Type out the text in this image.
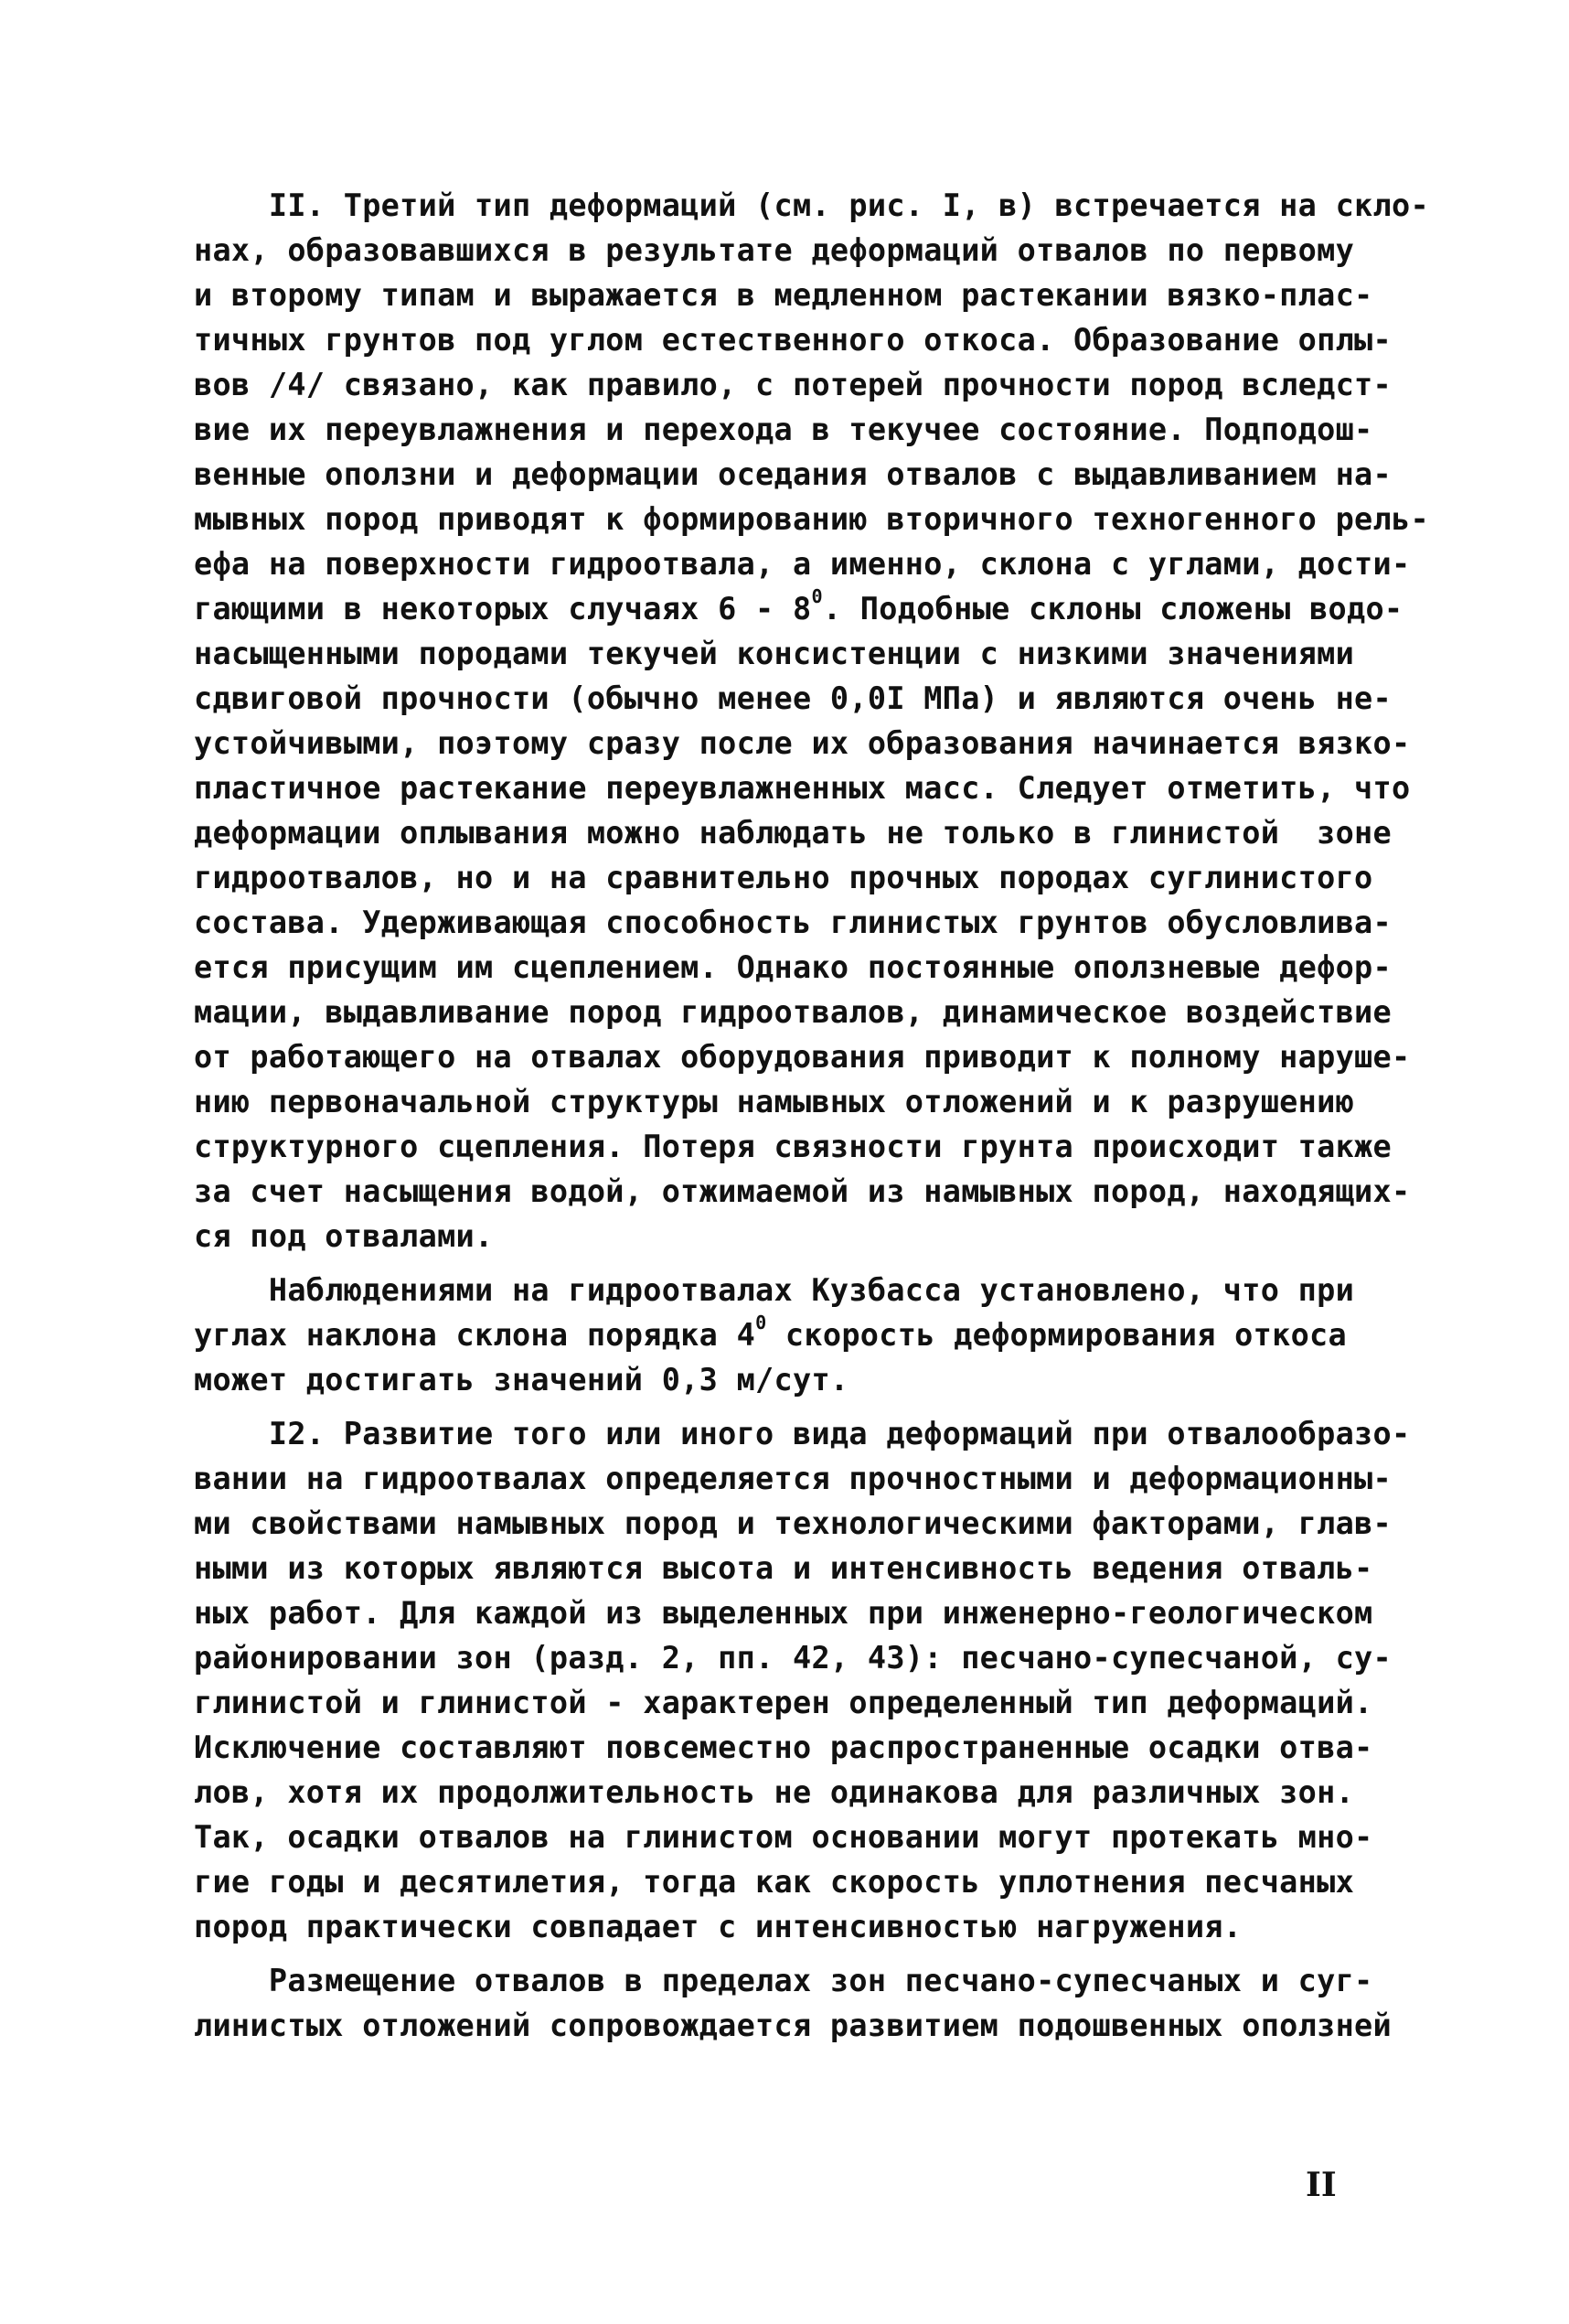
II. Третий тип деформаций (см. рис. I, в) встречается на скло-
нах, образовавшихся в результате деформаций отвалов по первому
и второму типам и выражается в медленном растекании вязко-плас-
тичных грунтов под углом естественного откоса. Образование оплы-
вов /4/ связано, как правило, с потерей прочности пород вследст-
вие их переувлажнения и перехода в текучее состояние. Подподош-
венные оползни и деформации оседания отвалов с выдавливанием на-
мывных пород приводят к формированию вторичного техногенного рель-
ефа на поверхности гидроотвала, а именно, склона с углами, дости-
гающими в некоторых случаях $6 - 8^0$. Подобные склоны сложены водо-
насыщенными породами текучей консистенции с низкими значениями
сдвиговой прочности (обычно менее 0,0I МПа) и являются очень не-
устойчивыми, поэтому сразу после их образования начинается вязко-
пластичное растекание переувлажненных масс. Следует отметить, что
деформации оплывания можно наблюдать не только в глинистой  зоне
гидроотвалов, но и на сравнительно прочных породах суглинистого
состава. Удерживающая способность глинистых грунтов обусловлива-
ется присущим им сцеплением. Однако постоянные оползневые дефор-
мации, выдавливание пород гидроотвалов, динамическое воздействие
от работающего на отвалах оборудования приводит к полному наруше-
нию первоначальной структуры намывных отложений и к разрушению
структурного сцепления. Потеря связности грунта происходит также
за счет насыщения водой, отжимаемой из намывных пород, находящих-
ся под отвалами.
Наблюдениями на гидроотвалах Кузбасса установлено, что при
углах наклона склона порядка $4^0$ скорость деформирования откоса
может достигать значений 0,3 м/сут.
I2. Развитие того или иного вида деформаций при отвалообразо-
вании на гидроотвалах определяется прочностными и деформационны-
ми свойствами намывных пород и технологическими факторами, глав-
ными из которых являются высота и интенсивность ведения отваль-
ных работ. Для каждой из выделенных при инженерно-геологическом
районировании зон (разд. 2, пп. 42, 43): песчано-супесчаной, су-
глинистой и глинистой - характерен определенный тип деформаций.
Исключение составляют повсеместно распространенные осадки отва-
лов, хотя их продолжительность не одинакова для различных зон.
Так, осадки отвалов на глинистом основании могут протекать мно-
гие годы и десятилетия, тогда как скорость уплотнения песчаных
пород практически совпадает с интенсивностью нагружения.
Размещение отвалов в пределах зон песчано-супесчаных и суг-
линистых отложений сопровождается развитием подошвенных оползней
II
